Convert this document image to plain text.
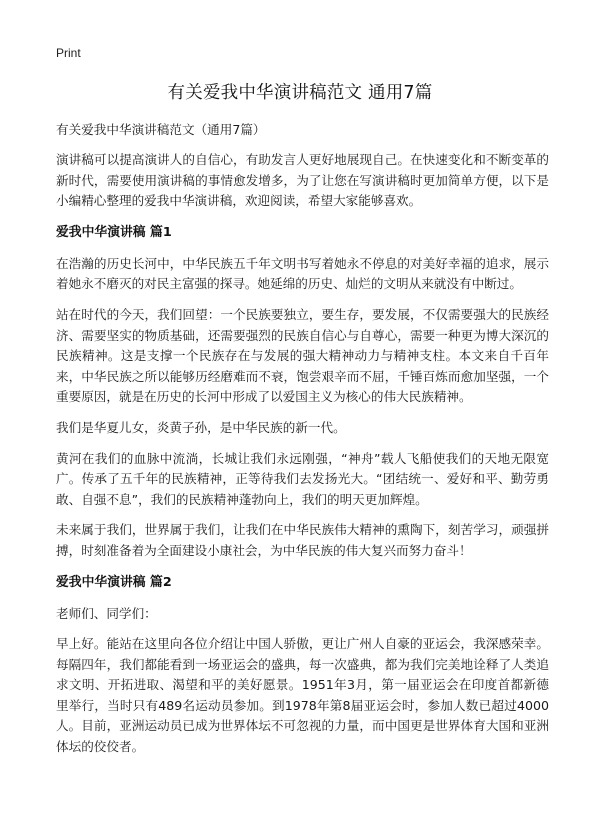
Print
有关爱我中华演讲稿范文 通用7篇

有关爱我中华演讲稿范文（通用7篇）

演讲稿可以提高演讲人的自信心，有助发言人更好地展现自己。在快速变化和不断变革的新时代，需要使用演讲稿的事情愈发增多，为了让您在写演讲稿时更加简单方便，以下是小编精心整理的爱我中华演讲稿，欢迎阅读，希望大家能够喜欢。

爱我中华演讲稿 篇1

在浩瀚的历史长河中，中华民族五千年文明书写着她永不停息的对美好幸福的追求，展示着她永不磨灭的对民主富强的探寻。她延绵的历史、灿烂的文明从来就没有中断过。

站在时代的今天，我们回望：一个民族要独立，要生存，要发展，不仅需要强大的民族经济、需要坚实的物质基础，还需要强烈的民族自信心与自尊心，需要一种更为博大深沉的民族精神。这是支撑一个民族存在与发展的强大精神动力与精神支柱。本文来自千百年来，中华民族之所以能够历经磨难而不衰，饱尝艰辛而不屈，千锤百炼而愈加坚强，一个重要原因，就是在历史的长河中形成了以爱国主义为核心的伟大民族精神。

我们是华夏儿女，炎黄子孙，是中华民族的新一代。

黄河在我们的血脉中流淌，长城让我们永远刚强，“神舟”载人飞船使我们的天地无限宽广。传承了五千年的民族精神，正等待我们去发扬光大。“团结统一、爱好和平、勤劳勇敢、自强不息”，我们的民族精神蓬勃向上，我们的明天更加辉煌。

未来属于我们，世界属于我们，让我们在中华民族伟大精神的熏陶下，刻苦学习，顽强拼搏，时刻准备着为全面建设小康社会，为中华民族的伟大复兴而努力奋斗！

爱我中华演讲稿 篇2

老师们、同学们：

早上好。能站在这里向各位介绍让中国人骄傲，更让广州人自豪的亚运会，我深感荣幸。每隔四年，我们都能看到一场亚运会的盛典，每一次盛典，都为我们完美地诠释了人类追求文明、开拓进取、渴望和平的美好愿景。1951年3月，第一届亚运会在印度首都新德里举行，当时只有489名运动员参加。到1978年第8届亚运会时，参加人数已超过4000人。目前，亚洲运动员已成为世界体坛不可忽视的力量，而中国更是世界体育大国和亚洲体坛的佼佼者。
